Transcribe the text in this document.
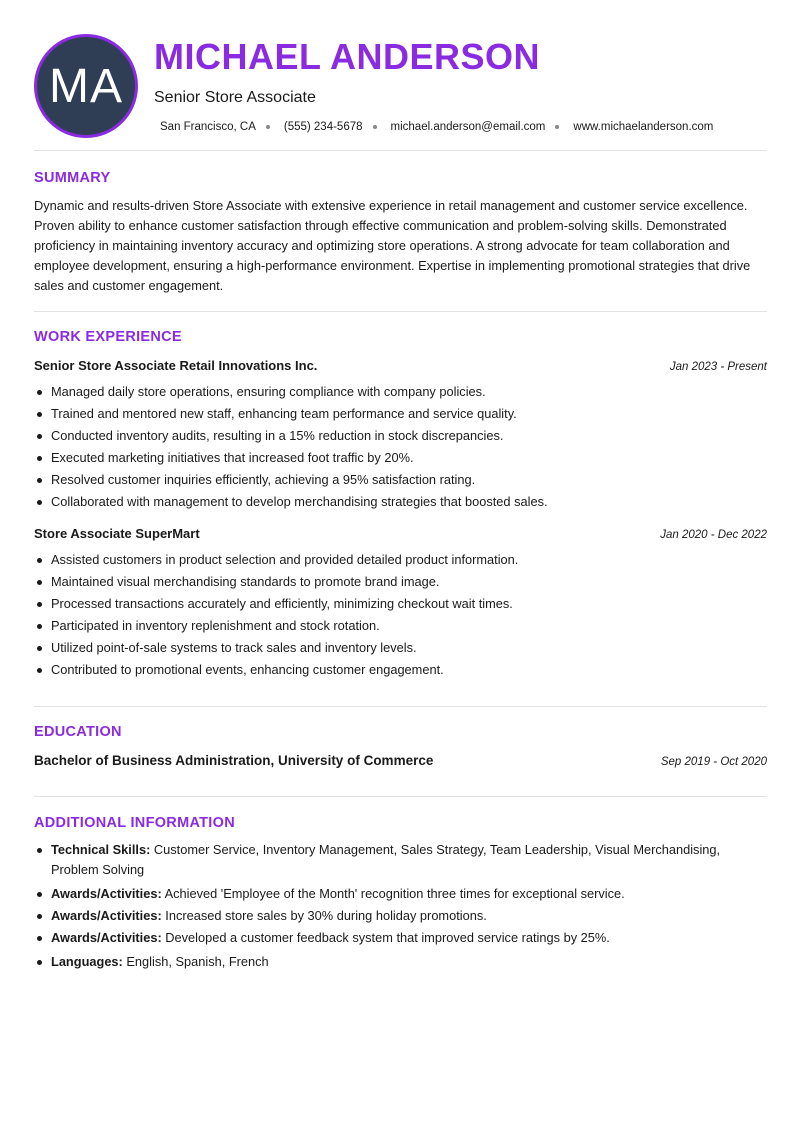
MA
MICHAEL ANDERSON
Senior Store Associate
San Francisco, CA (555) 234-5678 michael.anderson@email.com www.michaelanderson.com
SUMMARY

Dynamic and results-driven Store Associate with extensive experience in retail management and customer service excellence. Proven ability to enhance customer satisfaction through effective communication and problem-solving skills. Demonstrated proficiency in maintaining inventory accuracy and optimizing store operations. A strong advocate for team collaboration and employee development, ensuring a high-performance environment. Expertise in implementing promotional strategies that drive sales and customer engagement.

WORK EXPERIENCE
Senior Store Associate Retail Innovations Inc.	Jan 2023 - Present
Managed daily store operations, ensuring compliance with company policies.
Trained and mentored new staff, enhancing team performance and service quality.
Conducted inventory audits, resulting in a 15% reduction in stock discrepancies.
Executed marketing initiatives that increased foot traffic by 20%.
Resolved customer inquiries efficiently, achieving a 95% satisfaction rating.
Collaborated with management to develop merchandising strategies that boosted sales.
Store Associate SuperMart	Jan 2020 - Dec 2022
Assisted customers in product selection and provided detailed product information.
Maintained visual merchandising standards to promote brand image.
Processed transactions accurately and efficiently, minimizing checkout wait times.
Participated in inventory replenishment and stock rotation.
Utilized point-of-sale systems to track sales and inventory levels.
Contributed to promotional events, enhancing customer engagement.
EDUCATION
Bachelor of Business Administration, University of Commerce	Sep 2019 - Oct 2020
ADDITIONAL INFORMATION
Technical Skills: Customer Service, Inventory Management, Sales Strategy, Team Leadership, Visual Merchandising, Problem Solving
Awards/Activities: Achieved 'Employee of the Month' recognition three times for exceptional service.
Awards/Activities: Increased store sales by 30% during holiday promotions.
Awards/Activities: Developed a customer feedback system that improved service ratings by 25%.
Languages: English, Spanish, French
